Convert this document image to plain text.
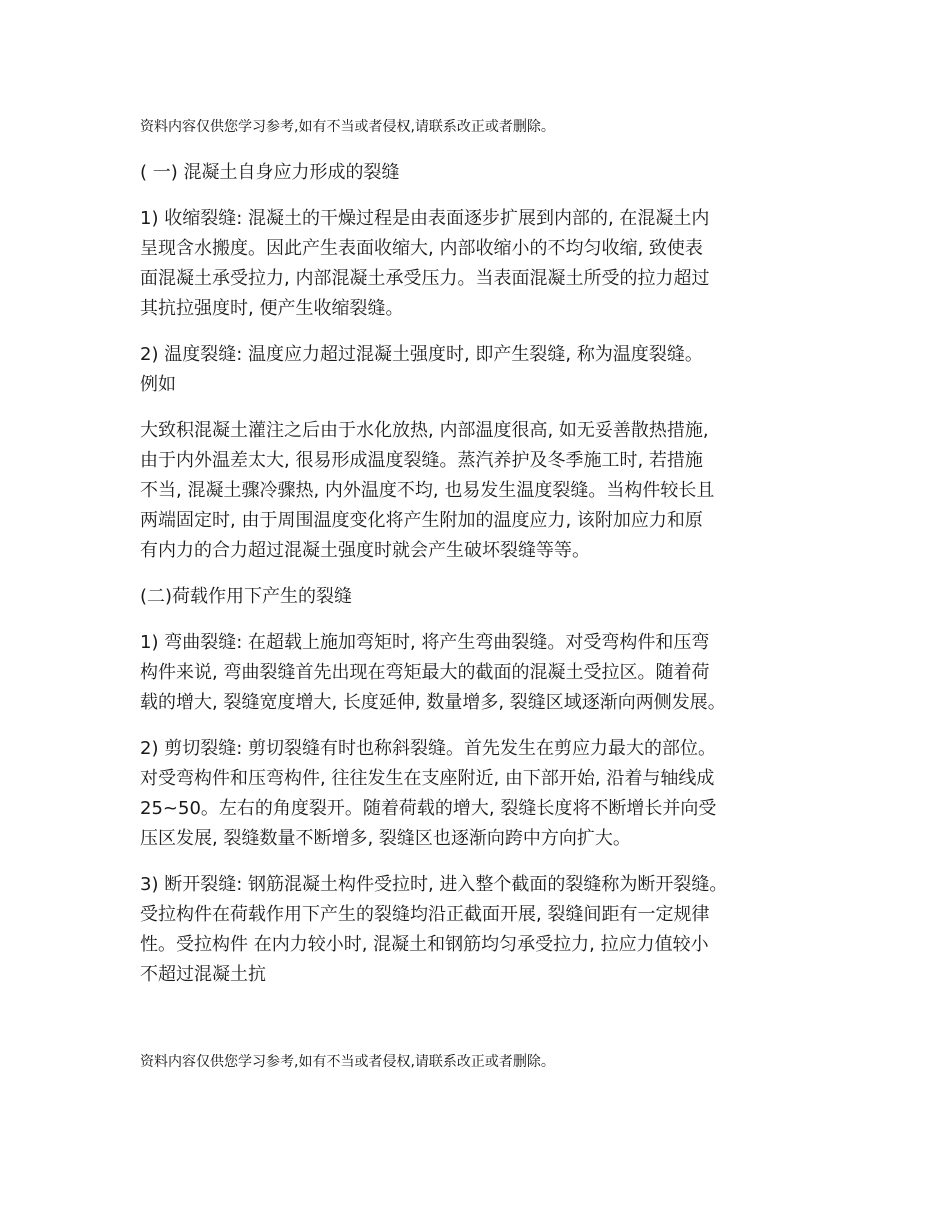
资料内容仅供您学习参考,如有不当或者侵权,请联系改正或者删除。
( 一) 混凝土自身应力形成的裂缝
1) 收缩裂缝: 混凝土的干燥过程是由表面逐步扩展到内部的, 在混凝土内
呈现含水搬度。因此产生表面收缩大, 内部收缩小的不均匀收缩, 致使表
面混凝土承受拉力, 内部混凝土承受压力。当表面混凝土所受的拉力超过
其抗拉强度时, 便产生收缩裂缝。
2) 温度裂缝: 温度应力超过混凝土强度时, 即产生裂缝, 称为温度裂缝。
例如
大致积混凝土灌注之后由于水化放热, 内部温度很高, 如无妥善散热措施,
由于内外温差太大, 很易形成温度裂缝。蒸汽养护及冬季施工时, 若措施
不当, 混凝土骤冷骤热, 内外温度不均, 也易发生温度裂缝。当构件较长且
两端固定时, 由于周围温度变化将产生附加的温度应力, 该附加应力和原
有内力的合力超过混凝土强度时就会产生破坏裂缝等等。
(二)荷载作用下产生的裂缝
1) 弯曲裂缝: 在超载上施加弯矩时, 将产生弯曲裂缝。对受弯构件和压弯
构件来说, 弯曲裂缝首先出现在弯矩最大的截面的混凝土受拉区。随着荷
载的增大, 裂缝宽度增大, 长度延伸, 数量增多, 裂缝区域逐渐向两侧发展。
2) 剪切裂缝: 剪切裂缝有时也称斜裂缝。首先发生在剪应力最大的部位。
对受弯构件和压弯构件, 往往发生在支座附近, 由下部开始, 沿着与轴线成
25~50。左右的角度裂开。随着荷载的增大, 裂缝长度将不断增长并向受
压区发展, 裂缝数量不断增多, 裂缝区也逐渐向跨中方向扩大。
3) 断开裂缝: 钢筋混凝土构件受拉时, 进入整个截面的裂缝称为断开裂缝。
受拉构件在荷载作用下产生的裂缝均沿正截面开展, 裂缝间距有一定规律
性。受拉构件 在内力较小时, 混凝土和钢筋均匀承受拉力, 拉应力值较小
不超过混凝土抗
资料内容仅供您学习参考,如有不当或者侵权,请联系改正或者删除。
